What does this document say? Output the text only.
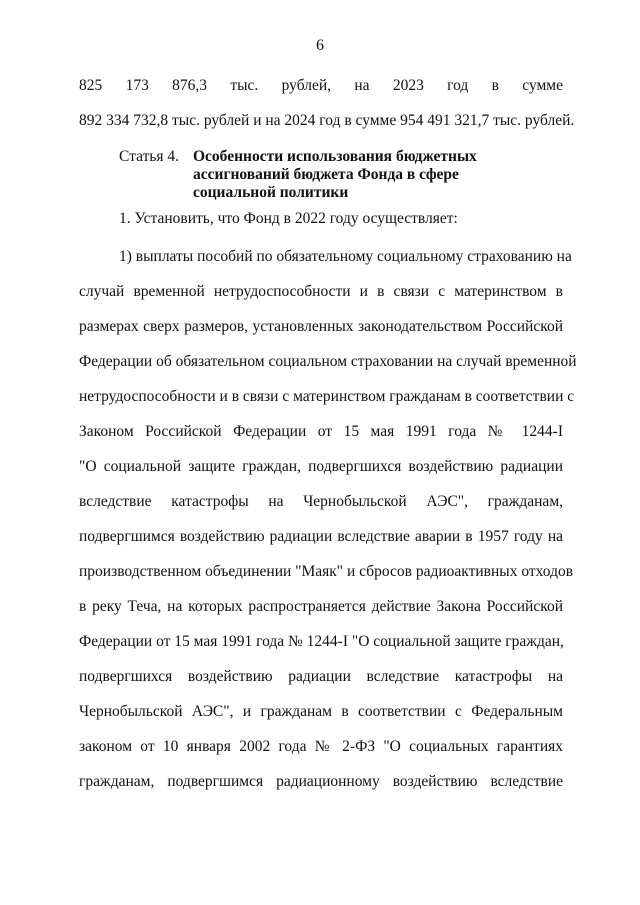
6
825 173 876,3 тыс. рублей, на 2023 год в сумме
892 334 732,8 тыс. рублей и на 2024 год в сумме 954 491 321,7 тыс. рублей.
Статья 4. Особенности использования бюджетных ассигнований бюджета Фонда в сфере социальной политики
1. Установить, что Фонд в 2022 году осуществляет:
1) выплаты пособий по обязательному социальному страхованию на
случай временной нетрудоспособности и в связи с материнством в
размерах сверх размеров, установленных законодательством Российской
Федерации об обязательном социальном страховании на случай временной
нетрудоспособности и в связи с материнством гражданам в соответствии с
Законом Российской Федерации от 15 мая 1991 года № 1244-I
"О социальной защите граждан, подвергшихся воздействию радиации
вследствие катастрофы на Чернобыльской АЭС", гражданам,
подвергшимся воздействию радиации вследствие аварии в 1957 году на
производственном объединении "Маяк" и сбросов радиоактивных отходов
в реку Теча, на которых распространяется действие Закона Российской
Федерации от 15 мая 1991 года № 1244-I "О социальной защите граждан,
подвергшихся воздействию радиации вследствие катастрофы на
Чернобыльской АЭС", и гражданам в соответствии с Федеральным
законом от 10 января 2002 года № 2-ФЗ "О социальных гарантиях
гражданам, подвергшимся радиационному воздействию вследствие
